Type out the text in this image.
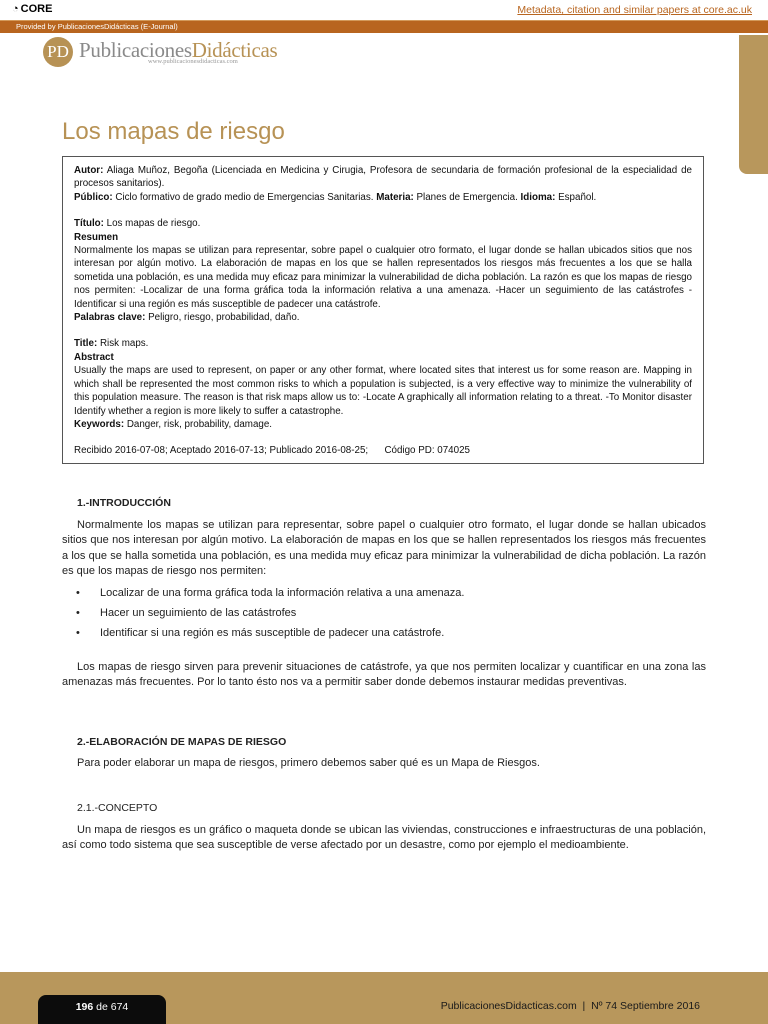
◔ CORE	Metadata, citation and similar papers at core.ac.uk
Provided by PublicacionesDidácticas (E-Journal)
PD PublicacionesDidácticas
www.publicacionesdidacticas.com
Los mapas de riesgo

Autor: Aliaga Muñoz, Begoña (Licenciada en Medicina y Cirugia, Profesora de secundaria de formación profesional de la especialidad de procesos sanitarios).

Público: Ciclo formativo de grado medio de Emergencias Sanitarias. Materia: Planes de Emergencia. Idioma: Español.

Título: Los mapas de riesgo.

Resumen

Normalmente los mapas se utilizan para representar, sobre papel o cualquier otro formato, el lugar donde se hallan ubicados sitios que nos interesan por algún motivo. La elaboración de mapas en los que se hallen representados los riesgos más frecuentes a los que se halla sometida una población, es una medida muy eficaz para minimizar la vulnerabilidad de dicha población. La razón es que los mapas de riesgo nos permiten: -Localizar de una forma gráfica toda la información relativa a una amenaza. -Hacer un seguimiento de las catástrofes -Identificar si una región es más susceptible de padecer una catástrofe.

Palabras clave: Peligro, riesgo, probabilidad, daño.

Title: Risk maps.

Abstract

Usually the maps are used to represent, on paper or any other format, where located sites that interest us for some reason are. Mapping in which shall be represented the most common risks to which a population is subjected, is a very effective way to minimize the vulnerability of this population measure. The reason is that risk maps allow us to: -Locate A graphically all information relating to a threat. -To Monitor disaster Identify whether a region is more likely to suffer a catastrophe.

Keywords: Danger, risk, probability, damage.

Recibido 2016-07-08; Aceptado 2016-07-13; Publicado 2016-08-25;      Código PD: 074025

1.-INTRODUCCIÓN

Normalmente los mapas se utilizan para representar, sobre papel o cualquier otro formato, el lugar donde se hallan ubicados sitios que nos interesan por algún motivo. La elaboración de mapas en los que se hallen representados los riesgos más frecuentes a los que se halla sometida una población, es una medida muy eficaz para minimizar la vulnerabilidad de dicha población. La razón es que los mapas de riesgo nos permiten:

• Localizar de una forma gráfica toda la información relativa a una amenaza.
• Hacer un seguimiento de las catástrofes
• Identificar si una región es más susceptible de padecer una catástrofe.

Los mapas de riesgo sirven para prevenir situaciones de catástrofe, ya que nos permiten localizar y cuantificar en una zona las amenazas más frecuentes. Por lo tanto ésto nos va a permitir saber donde debemos instaurar medidas preventivas.

2.-ELABORACIÓN DE MAPAS DE RIESGO

Para poder elaborar un mapa de riesgos, primero debemos saber qué es un Mapa de Riesgos.

2.1.-CONCEPTO

Un mapa de riesgos es un gráfico o maqueta donde se ubican las viviendas, construcciones e infraestructuras de una población, así como todo sistema que sea susceptible de verse afectado por un desastre, como por ejemplo el medioambiente.

196 de 674	PublicacionesDidacticas.com  |  Nº 74 Septiembre 2016
